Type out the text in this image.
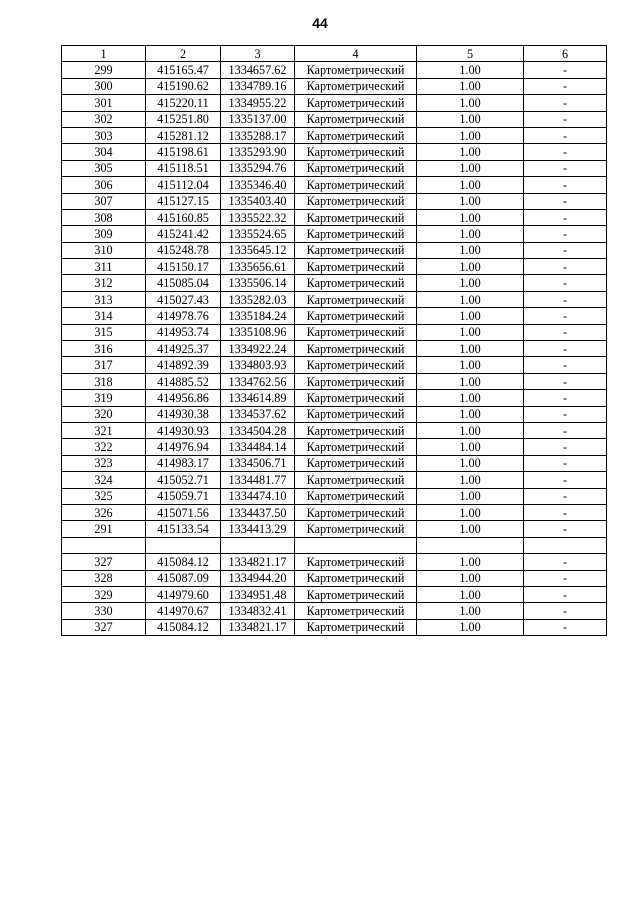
44
1	2	3	4	5	6
299	415165.47	1334657.62	Картометрический	1.00	-
300	415190.62	1334789.16	Картометрический	1.00	-
301	415220.11	1334955.22	Картометрический	1.00	-
302	415251.80	1335137.00	Картометрический	1.00	-
303	415281.12	1335288.17	Картометрический	1.00	-
304	415198.61	1335293.90	Картометрический	1.00	-
305	415118.51	1335294.76	Картометрический	1.00	-
306	415112.04	1335346.40	Картометрический	1.00	-
307	415127.15	1335403.40	Картометрический	1.00	-
308	415160.85	1335522.32	Картометрический	1.00	-
309	415241.42	1335524.65	Картометрический	1.00	-
310	415248.78	1335645.12	Картометрический	1.00	-
311	415150.17	1335656.61	Картометрический	1.00	-
312	415085.04	1335506.14	Картометрический	1.00	-
313	415027.43	1335282.03	Картометрический	1.00	-
314	414978.76	1335184.24	Картометрический	1.00	-
315	414953.74	1335108.96	Картометрический	1.00	-
316	414925.37	1334922.24	Картометрический	1.00	-
317	414892.39	1334803.93	Картометрический	1.00	-
318	414885.52	1334762.56	Картометрический	1.00	-
319	414956.86	1334614.89	Картометрический	1.00	-
320	414930.38	1334537.62	Картометрический	1.00	-
321	414930.93	1334504.28	Картометрический	1.00	-
322	414976.94	1334484.14	Картометрический	1.00	-
323	414983.17	1334506.71	Картометрический	1.00	-
324	415052.71	1334481.77	Картометрический	1.00	-
325	415059.71	1334474.10	Картометрический	1.00	-
326	415071.56	1334437.50	Картометрический	1.00	-
291	415133.54	1334413.29	Картометрический	1.00	-

327	415084.12	1334821.17	Картометрический	1.00	-
328	415087.09	1334944.20	Картометрический	1.00	-
329	414979.60	1334951.48	Картометрический	1.00	-
330	414970.67	1334832.41	Картометрический	1.00	-
327	415084.12	1334821.17	Картометрический	1.00	-
